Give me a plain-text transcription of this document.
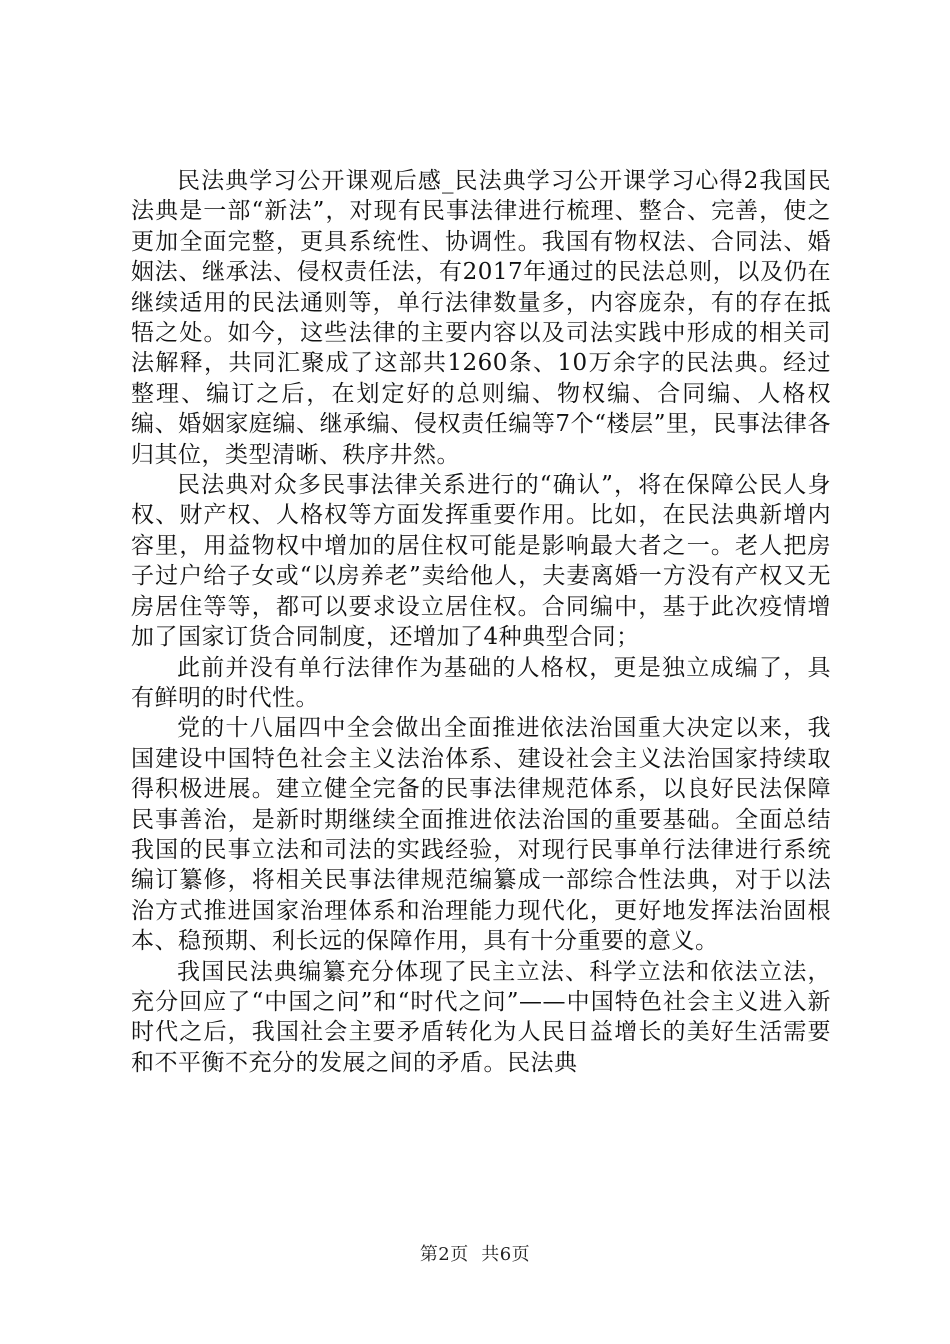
民法典学习公开课观后感_民法典学习公开课学习心得2我国民法典是一部“新法”，对现有民事法律进行梳理、整合、完善，使之更加全面完整，更具系统性、协调性。我国有物权法、合同法、婚姻法、继承法、侵权责任法，有2017年通过的民法总则，以及仍在继续适用的民法通则等，单行法律数量多，内容庞杂，有的存在抵牾之处。如今，这些法律的主要内容以及司法实践中形成的相关司法解释，共同汇聚成了这部共1260条、10万余字的民法典。经过整理、编订之后，在划定好的总则编、物权编、合同编、人格权编、婚姻家庭编、继承编、侵权责任编等7个“楼层”里，民事法律各归其位，类型清晰、秩序井然。

民法典对众多民事法律关系进行的“确认”，将在保障公民人身权、财产权、人格权等方面发挥重要作用。比如，在民法典新增内容里，用益物权中增加的居住权可能是影响最大者之一。老人把房子过户给子女或“以房养老”卖给他人，夫妻离婚一方没有产权又无房居住等等，都可以要求设立居住权。合同编中，基于此次疫情增加了国家订货合同制度，还增加了4种典型合同；

此前并没有单行法律作为基础的人格权，更是独立成编了，具有鲜明的时代性。

党的十八届四中全会做出全面推进依法治国重大决定以来，我国建设中国特色社会主义法治体系、建设社会主义法治国家持续取得积极进展。建立健全完备的民事法律规范体系，以良好民法保障民事善治，是新时期继续全面推进依法治国的重要基础。全面总结我国的民事立法和司法的实践经验，对现行民事单行法律进行系统编订纂修，将相关民事法律规范编纂成一部综合性法典，对于以法治方式推进国家治理体系和治理能力现代化，更好地发挥法治固根本、稳预期、利长远的保障作用，具有十分重要的意义。

我国民法典编纂充分体现了民主立法、科学立法和依法立法，充分回应了“中国之问”和“时代之问”——中国特色社会主义进入新时代之后，我国社会主要矛盾转化为人民日益增长的美好生活需要和不平衡不充分的发展之间的矛盾。民法典

第2页 共6页
